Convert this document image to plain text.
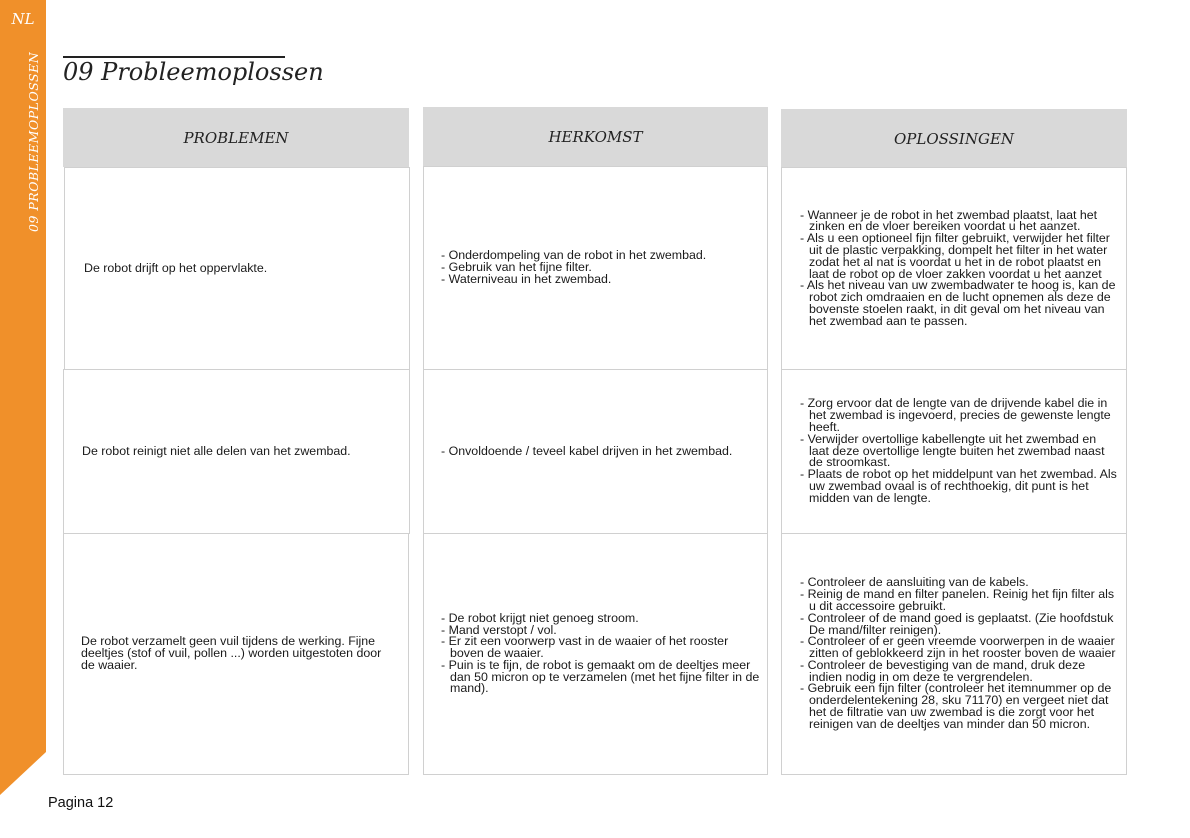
NL
09 PROBLEEMOPLOSSEN 09 Probleemoplossen
PROBLEMEN	HERKOMST	OPLOSSINGEN

De robot drijft op het oppervlakte.

- Onderdompeling van de robot in het zwembad.
- Gebruik van het fijne filter.
- Waterniveau in het zwembad.
- Wanneer je de robot in het zwembad plaatst, laat het zinken en de vloer bereiken voordat u het aanzet.
- Als u een optioneel fijn filter gebruikt, verwijder het filter uit de plastic verpakking, dompelt het filter in het water zodat het al nat is voordat u het in de robot plaatst en laat de robot op de vloer zakken voordat u het aanzet
- Als het niveau van uw zwembadwater te hoog is, kan de robot zich omdraaien en de lucht opnemen als deze de bovenste stoelen raakt, in dit geval om het niveau van het zwembad aan te passen.

De robot reinigt niet alle delen van het zwembad.

-	Onvoldoende / teveel kabel drijven in het zwembad.
- Zorg ervoor dat de lengte van de drijvende kabel die in het zwembad is ingevoerd, precies de gewenste lengte heeft.
- Verwijder overtollige kabellengte uit het zwembad en laat deze overtollige lengte buiten het zwembad naast de stroomkast.
- Plaats de robot op het middelpunt van het zwembad. Als uw zwembad ovaal is of rechthoekig, dit punt is het midden van de lengte.

De robot verzamelt geen vuil tijdens de werking. Fijne deeltjes (stof of vuil, pollen ...) worden uitgestoten door de waaier.

- De robot krijgt niet genoeg stroom.
- Mand verstopt / vol.
- Er zit een voorwerp vast in de waaier of het rooster boven de waaier.
- Puin is te fijn, de robot is gemaakt om de deeltjes meer dan 50 micron op te verzamelen (met het fijne filter in de mand).
- Controleer de aansluiting van de kabels.
- Reinig de mand en filter panelen. Reinig het fijn filter als u dit accessoire gebruikt.
- Controleer of de mand goed is geplaatst. (Zie hoofdstuk De mand/filter reinigen).
- Controleer of er geen vreemde voorwerpen in de waaier zitten of geblokkeerd zijn in het rooster boven de waaier
- Controleer de bevestiging van de mand, druk deze indien nodig in om deze te vergrendelen.
- Gebruik een fijn filter (controleer het itemnummer op de onderdelentekening 28, sku 71170) en vergeet niet dat het de filtratie van uw zwembad is die zorgt voor het reinigen van de deeltjes van minder dan 50 micron.
Pagina 12
